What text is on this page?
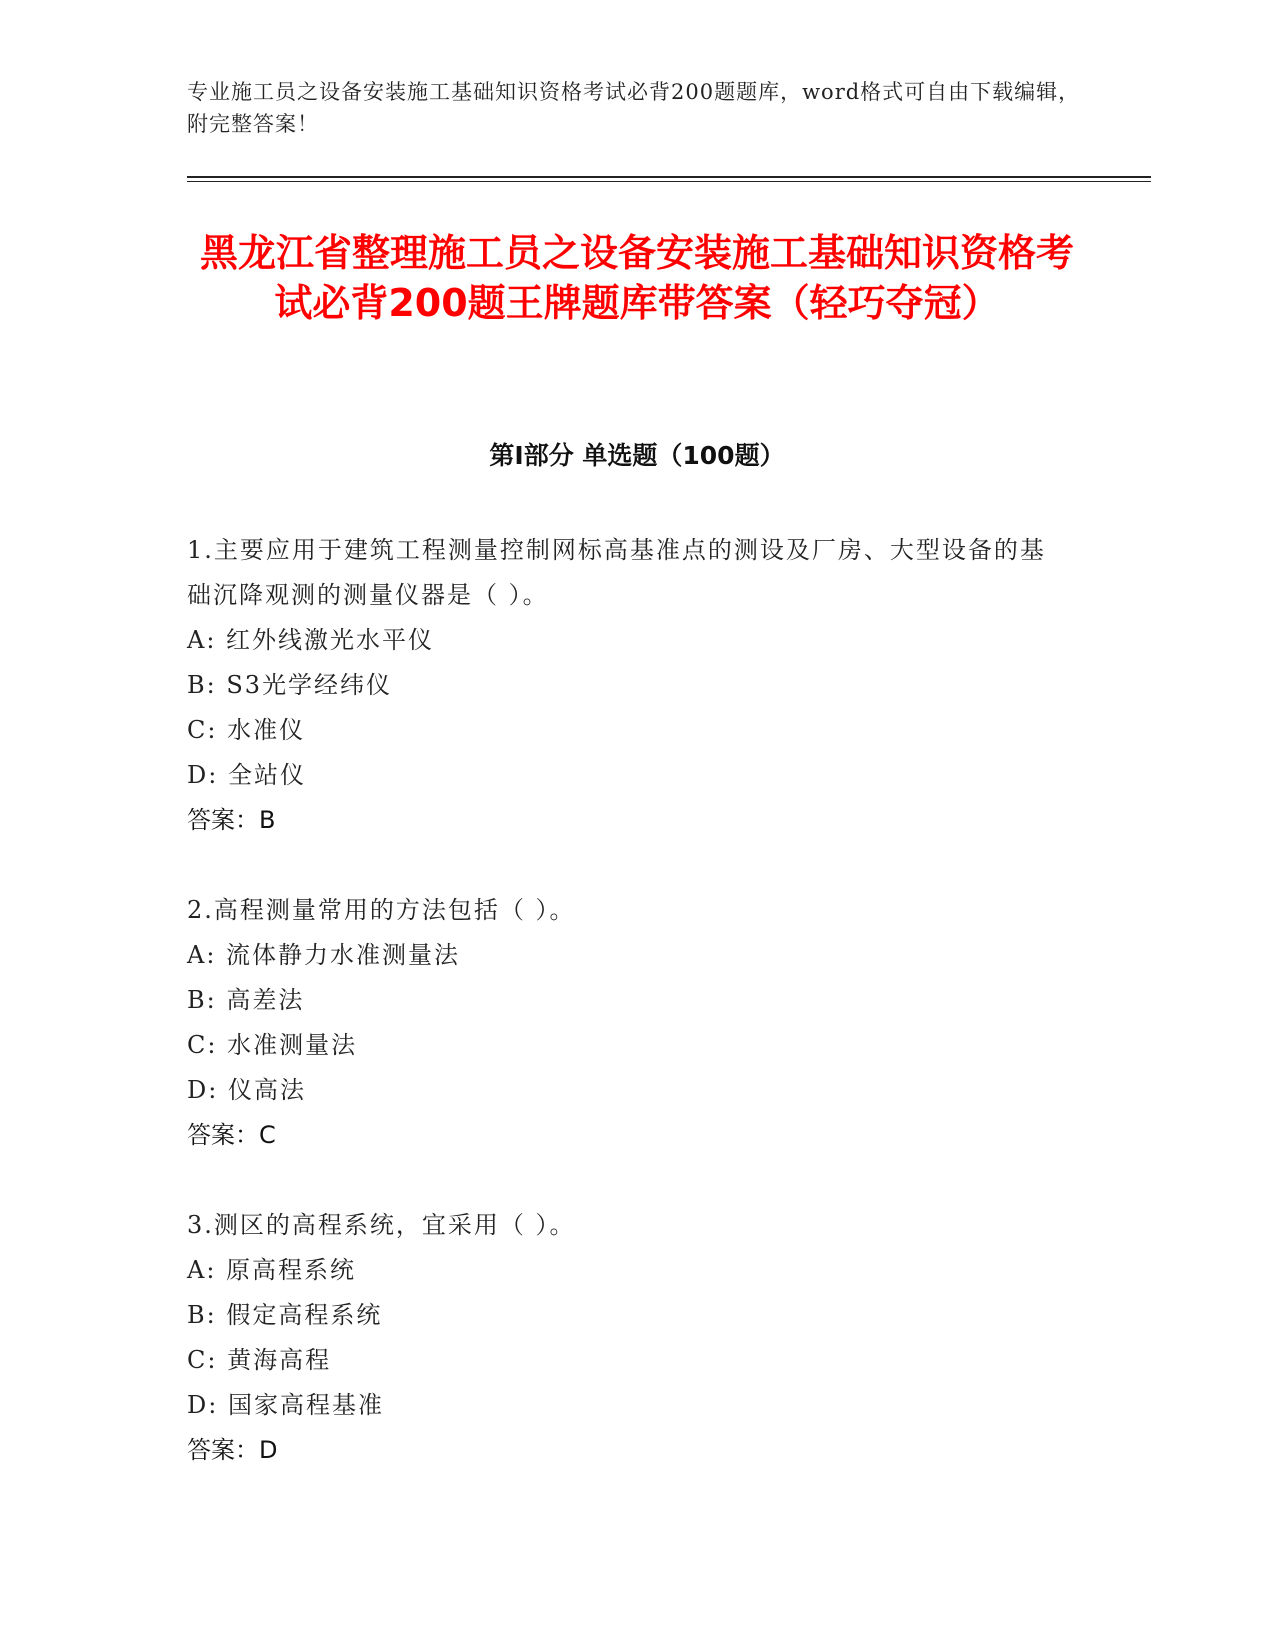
专业施工员之设备安装施工基础知识资格考试必背200题题库，word格式可自由下载编辑，附完整答案！
黑龙江省整理施工员之设备安装施工基础知识资格考试必背200题王牌题库带答案（轻巧夺冠）
第Ⅰ部分 单选题（100题）
1.主要应用于建筑工程测量控制网标高基准点的测设及厂房、大型设备的基础沉降观测的测量仪器是（ ）。
A: 红外线激光水平仪
B: S3光学经纬仪
C: 水准仪
D: 全站仪
答案：B
2.高程测量常用的方法包括（ ）。
A: 流体静力水准测量法
B: 高差法
C: 水准测量法
D: 仪高法
答案：C
3.测区的高程系统，宜采用（ ）。
A: 原高程系统
B: 假定高程系统
C: 黄海高程
D: 国家高程基准
答案：D
